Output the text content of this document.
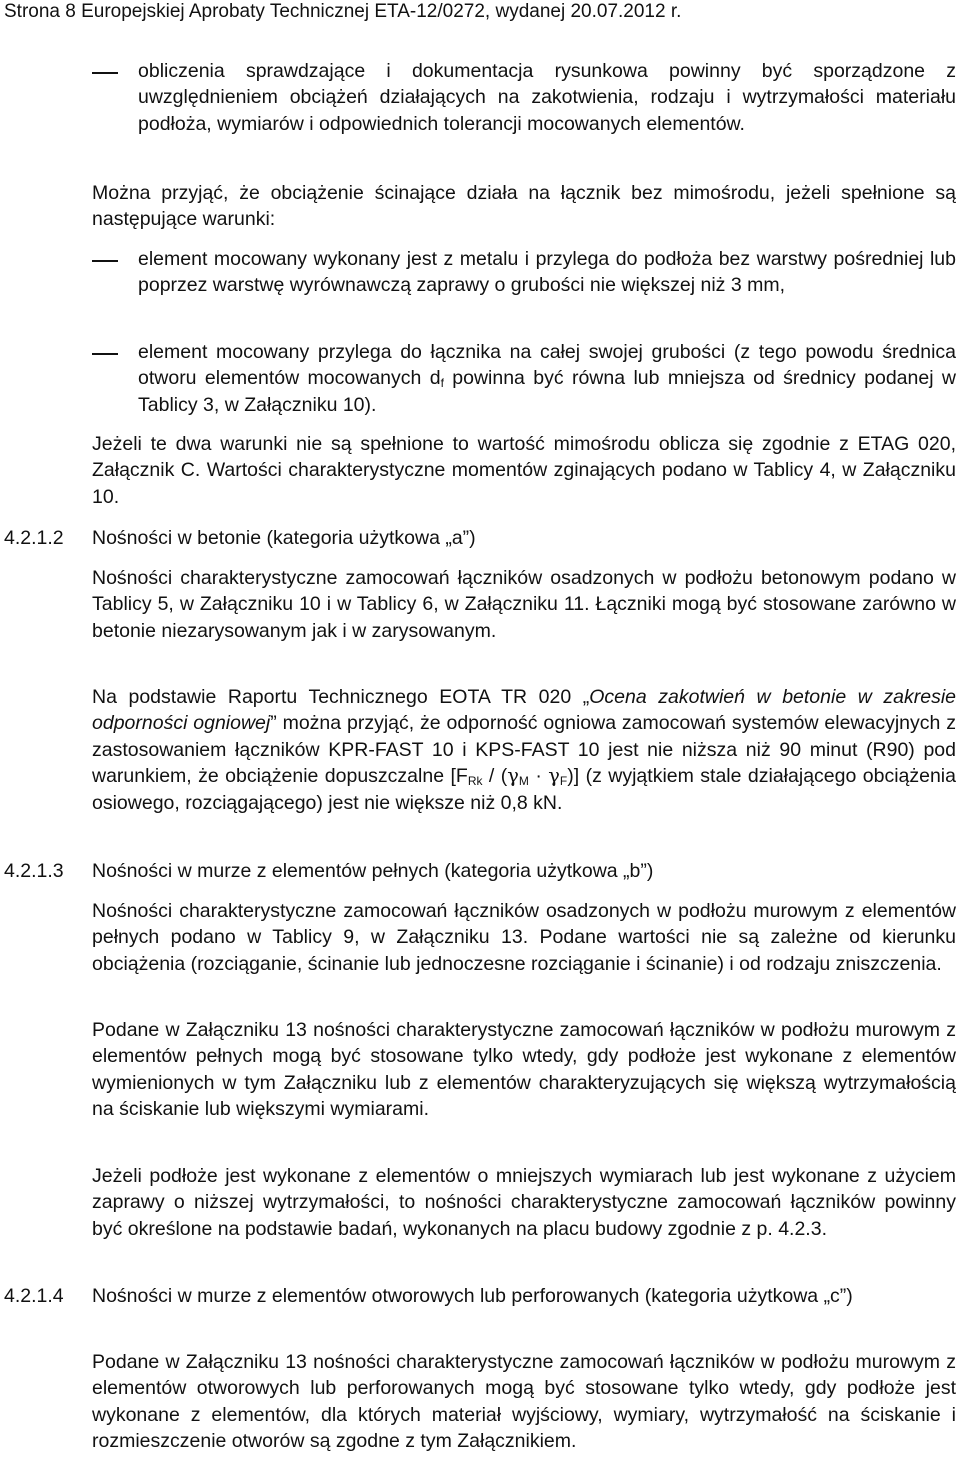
Strona 8 Europejskiej Aprobaty Technicznej ETA-12/0272, wydanej 20.07.2012 r.
obliczenia sprawdzające i dokumentacja rysunkowa powinny być sporządzone z uwzględnieniem obciążeń działających na zakotwienia, rodzaju i wytrzymałości materiału podłoża, wymiarów i odpowiednich tolerancji mocowanych elementów.
Można przyjąć, że obciążenie ścinające działa na łącznik bez mimośrodu, jeżeli spełnione są następujące warunki:
element mocowany wykonany jest z metalu i przylega do podłoża bez warstwy pośredniej lub poprzez warstwę wyrównawczą zaprawy o grubości nie większej niż 3 mm,
element mocowany przylega do łącznika na całej swojej grubości (z tego powodu średnica otworu elementów mocowanych $d_f$ powinna być równa lub mniejsza od średnicy podanej w Tablicy 3, w Załączniku 10).
Jeżeli te dwa warunki nie są spełnione to wartość mimośrodu oblicza się zgodnie z ETAG 020, Załącznik C. Wartości charakterystyczne momentów zginających podano w Tablicy 4, w Załączniku 10.
4.2.1.2	Nośności w betonie (kategoria użytkowa „a”)
Nośności charakterystyczne zamocowań łączników osadzonych w podłożu betonowym podano w Tablicy 5, w Załączniku 10 i w Tablicy 6, w Załączniku 11. Łączniki mogą być stosowane zarówno w betonie niezarysowanym jak i w zarysowanym.
Na podstawie Raportu Technicznego EOTA TR 020 „Ocena zakotwień w betonie w zakresie odporności ogniowej” można przyjąć, że odporność ogniowa zamocowań systemów elewacyjnych z zastosowaniem łączników KPR-FAST 10 i KPS-FAST 10 jest nie niższa niż 90 minut (R90) pod warunkiem, że obciążenie dopuszczalne $[F_{Rk} / (\gamma_M \cdot \gamma_F)]$ (z wyjątkiem stale działającego obciążenia osiowego, rozciągającego) jest nie większe niż 0,8 kN.
4.2.1.3	Nośności w murze z elementów pełnych (kategoria użytkowa „b”)
Nośności charakterystyczne zamocowań łączników osadzonych w podłożu murowym z elementów pełnych podano w Tablicy 9, w Załączniku 13. Podane wartości nie są zależne od kierunku obciążenia (rozciąganie, ścinanie lub jednoczesne rozciąganie i ścinanie) i od rodzaju zniszczenia.
Podane w Załączniku 13 nośności charakterystyczne zamocowań łączników w podłożu murowym z elementów pełnych mogą być stosowane tylko wtedy, gdy podłoże jest wykonane z elementów wymienionych w tym Załączniku lub z elementów charakteryzujących się większą wytrzymałością na ściskanie lub większymi wymiarami.
Jeżeli podłoże jest wykonane z elementów o mniejszych wymiarach lub jest wykonane z użyciem zaprawy o niższej wytrzymałości, to nośności charakterystyczne zamocowań łączników powinny być określone na podstawie badań, wykonanych na placu budowy zgodnie z p. 4.2.3.
4.2.1.4	Nośności w murze z elementów otworowych lub perforowanych (kategoria użytkowa „c”)
Podane w Załączniku 13 nośności charakterystyczne zamocowań łączników w podłożu murowym z elementów otworowych lub perforowanych mogą być stosowane tylko wtedy, gdy podłoże jest wykonane z elementów, dla których materiał wyjściowy, wymiary, wytrzymałość na ściskanie i rozmieszczenie otworów są zgodne z tym Załącznikiem.
